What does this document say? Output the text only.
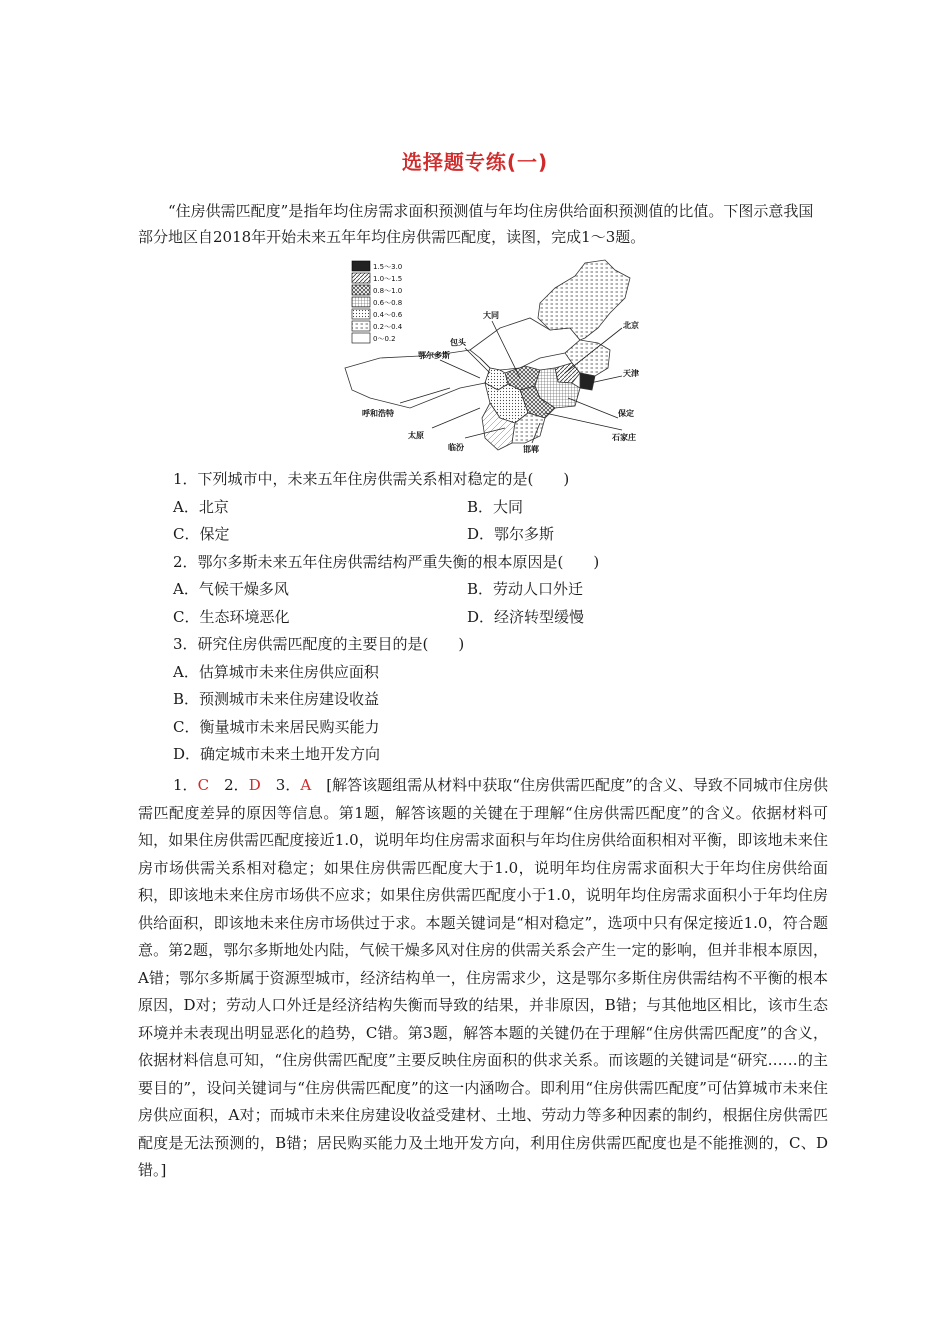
选择题专练(一)

“住房供需匹配度”是指年均住房需求面积预测值与年均住房供给面积预测值的比值。下图示意我国部分地区自2018年开始未来五年年均住房供需匹配度，读图，完成1～3题。

1.5～3.0
1.0～1.5
0.8～1.0
0.6～0.8
0.4～0.6
0.2～0.4
0～0.2
大同
包头
北京
鄂尔多斯
天津
呼和浩特	保定
太原
临汾	邯郸
石家庄
1．下列城市中，未来五年住房供需关系相对稳定的是(　　)
A．北京	B．大同
C．保定	D．鄂尔多斯
2．鄂尔多斯未来五年住房供需结构严重失衡的根本原因是(　　)
A．气候干燥多风	B．劳动人口外迁
C．生态环境恶化	D．经济转型缓慢
3．研究住房供需匹配度的主要目的是(　　)
A．估算城市未来住房供应面积
B．预测城市未来住房建设收益
C．衡量城市未来居民购买能力
D．确定城市未来土地开发方向

1．C　2．D　3．A　[解答该题组需从材料中获取“住房供需匹配度”的含义、导致不同城市住房供需匹配度差异的原因等信息。第1题，解答该题的关键在于理解“住房供需匹配度”的含义。依据材料可知，如果住房供需匹配度接近1.0，说明年均住房需求面积与年均住房供给面积相对平衡，即该地未来住房市场供需关系相对稳定；如果住房供需匹配度大于1.0，说明年均住房需求面积大于年均住房供给面积，即该地未来住房市场供不应求；如果住房供需匹配度小于1.0，说明年均住房需求面积小于年均住房供给面积，即该地未来住房市场供过于求。本题关键词是“相对稳定”，选项中只有保定接近1.0，符合题意。第2题，鄂尔多斯地处内陆，气候干燥多风对住房的供需关系会产生一定的影响，但并非根本原因，A错；鄂尔多斯属于资源型城市，经济结构单一，住房需求少，这是鄂尔多斯住房供需结构不平衡的根本原因，D对；劳动人口外迁是经济结构失衡而导致的结果，并非原因，B错；与其他地区相比，该市生态环境并未表现出明显恶化的趋势，C错。第3题，解答本题的关键仍在于理解“住房供需匹配度”的含义，依据材料信息可知，“住房供需匹配度”主要反映住房面积的供求关系。而该题的关键词是“研究……的主要目的”，设问关键词与“住房供需匹配度”的这一内涵吻合。即利用“住房供需匹配度”可估算城市未来住房供应面积，A对；而城市未来住房建设收益受建材、土地、劳动力等多种因素的制约，根据住房供需匹配度是无法预测的，B错；居民购买能力及土地开发方向，利用住房供需匹配度也是不能推测的，C、D错。]
